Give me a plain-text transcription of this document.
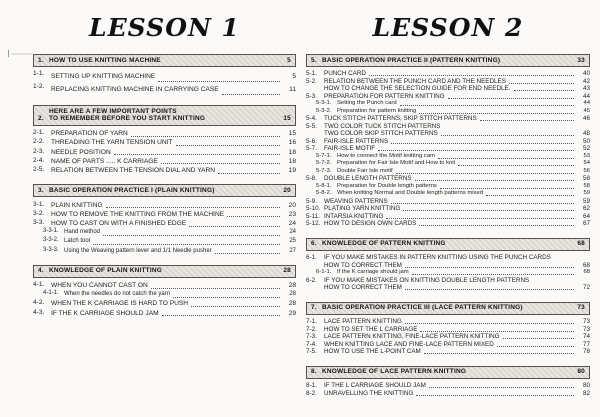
LESSON 1
1. HOW TO USE KNITTING MACHINE	5
1-1.	SETTING UP KNITTING MACHINE	5
1-2.	REPLACING KNITTING MACHINE IN CARRYING CASE	11
2.
HERE ARE A FEW IMPORTANT POINTS
TO REMEMBER BEFORE YOU START KNITTING	15
2-1.	PREPARATION OF YARN	15
2-2.	THREADING THE YARN TENSION UNIT	16
2-3.	NEEDLE POSITION	18
2-4.	NAME OF PARTS ..... K CARRIAGE	18
2-5.	RELATION BETWEEN THE TENSION DIAL AND YARN	19
3. BASIC OPERATION PRACTICE I (PLAIN KNITTING)	20
3-1.	PLAIN KNITTING	20
3-2.	HOW TO REMOVE THE KNITTING FROM THE MACHINE	23
3-3.	HOW TO CAST ON WITH A FINISHED EDGE	24
3-3-1. Hand method	24
3-3-2. Latch tool	25
3-3-3. Using the Weaving pattern lever and 1/1 Needle pusher	27
4. KNOWLEDGE OF PLAIN KNITTING	28
4-1.	WHEN YOU CANNOT CAST ON	28
4-1-1. When the needles do not catch the yarn	28
4-2.	WHEN THE K CARRIAGE IS HARD TO PUSH	28
4-3.	IF THE K CARRIAGE SHOULD JAM	29
LESSON 2
5. BASIC OPERATION PRACTICE II (PATTERN KNITTING)	33
5-1.	PUNCH CARD	40
5-2.	RELATION BETWEEN THE PUNCH CARD AND THE NEEDLES	42
HOW TO CHANGE THE SELECTION GUIDE FOR END NEEDLE.	43
5-3.	PREPARATION FOR PATTERN KNITTING	44
5-3-1. Setting the Punch card	44
5-3-2. Preparation for pattern knitting	45
5-4.	TUCK STITCH PATTERNS, SKIP STITCH PATTERNS	46
5-5.	TWO COLOR TUCK STITCH PATTERNS
TWO COLOR SKIP STITCH PATTERNS	48
5-6.	FAIR-ISLE PATTERNS	50
5-7.	FAIR-ISLE MOTIF	52
5-7-1. How to connect the Motif knitting cam	53
5-7-2. Preparation for Fair Isle Motif and How to knit	54
5-7-3. Double Fair Isle motif	56
5-8.	DOUBLE LENGTH PATTERNS	58
5-8-1. Preparation for Double length patterns	58
5-8-2. When knitting Normal and Double length patterns mixed	59
5-9.	WEAVING PATTERNS	59
5-10. PLATING YARN KNITTING	62
5-11. INTARSIA KNITTING	64
5-12. HOW TO DESIGN OWN CARDS	67
6. KNOWLEDGE OF PATTERN KNITTING	68
6-1.	IF YOU MAKE MISTAKES IN PATTERN KNITTING USING THE PUNCH CARDS
HOW TO CORRECT THEM	68
6-1-1. If the K carriage should jam	68
6-2.	IF YOU MAKE MISTAKES ON KNITTING DOUBLE LENGTH PATTERNS
HOW TO CORRECT THEM	72
7. BASIC OPERATION PRACTICE III (LACE PATTERN KNITTING)	73
7-1.	LACE PATTERN KNITTING	73
7-2.	HOW TO SET THE L CARRIAGE	73
7-3.	LACE PATTERN KNITTING, FINE-LACE PATTERN KNITTING	74
7-4.	WHEN KNITTING LACE AND FINE-LACE PATTERN MIXED	77
7-5.	HOW TO USE THE L-POINT CAM	78
8. KNOWLEDGE OF LACE PATTERN KNITTING	80
8-1.	IF THE L CARRIAGE SHOULD JAM	80
8-2.	UNRAVELLING THE KNITTING	82
